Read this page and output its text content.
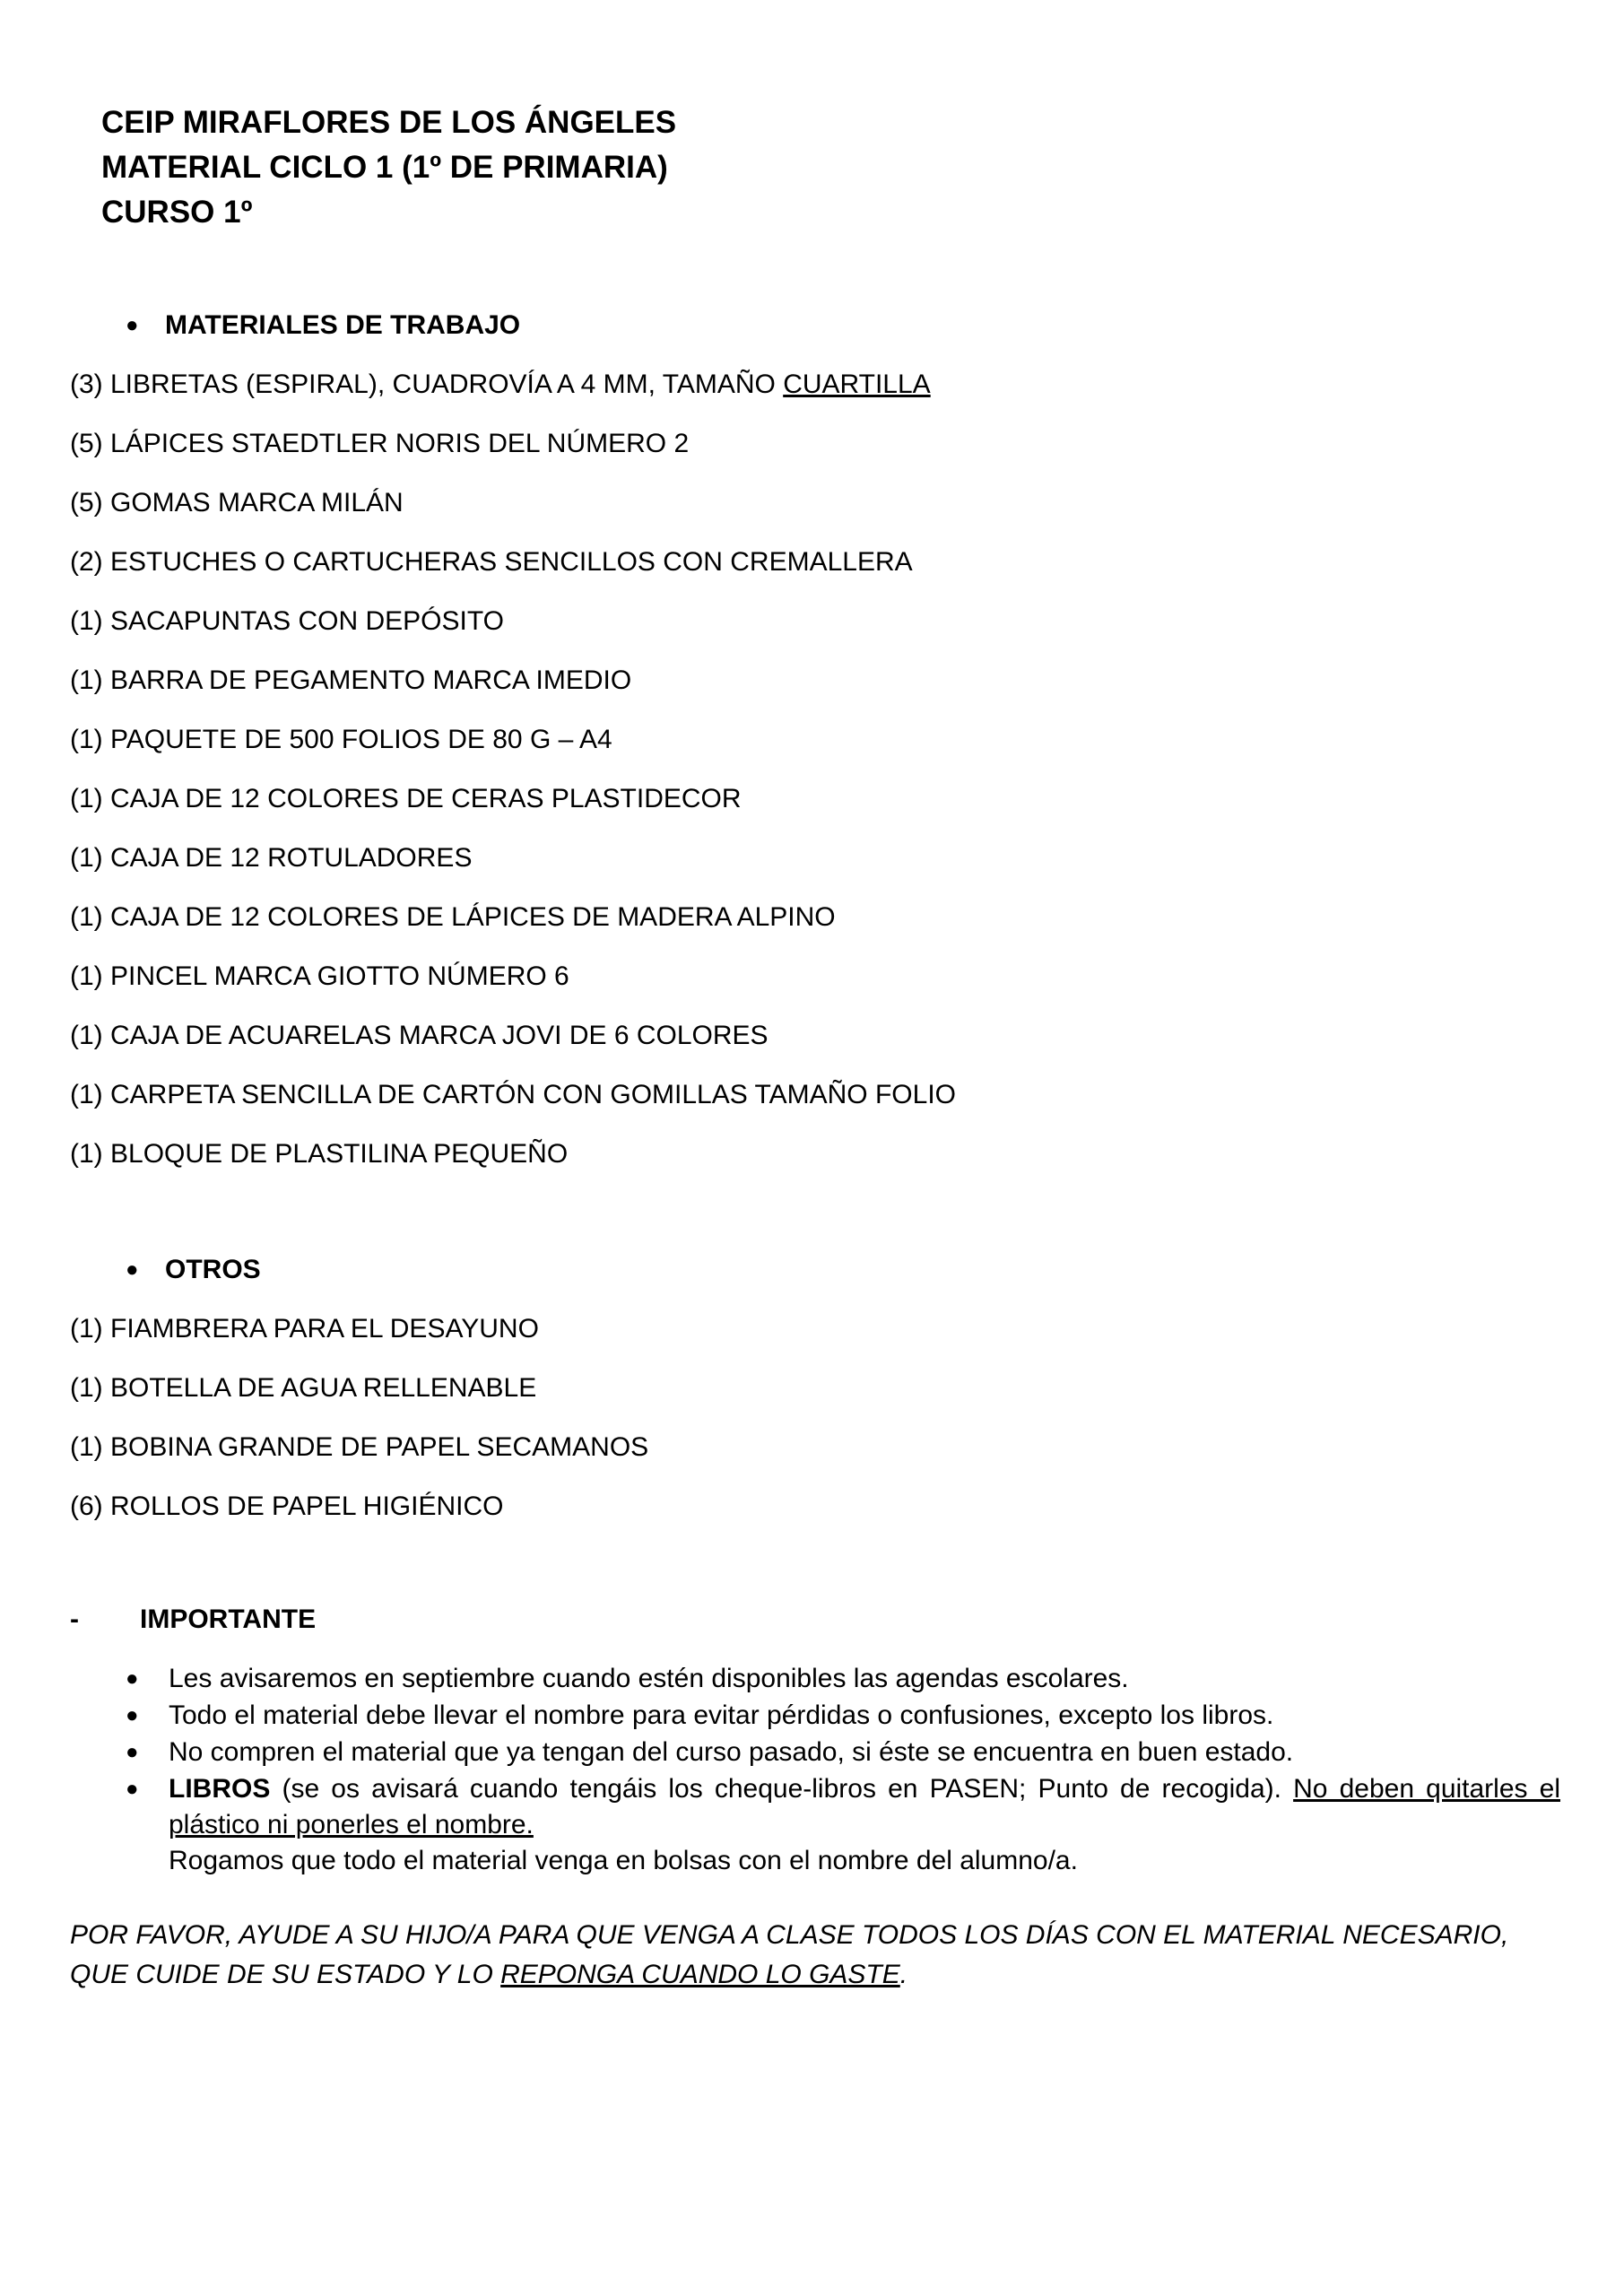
CEIP MIRAFLORES DE LOS ÁNGELES
MATERIAL CICLO 1 (1º DE PRIMARIA)
CURSO 1º
● MATERIALES DE TRABAJO
(3) LIBRETAS (ESPIRAL), CUADROVÍA A 4 MM, TAMAÑO CUARTILLA
(5) LÁPICES STAEDTLER NORIS DEL NÚMERO 2
(5) GOMAS MARCA MILÁN
(2) ESTUCHES O CARTUCHERAS SENCILLOS CON CREMALLERA
(1) SACAPUNTAS CON DEPÓSITO
(1) BARRA DE PEGAMENTO MARCA IMEDIO
(1) PAQUETE DE 500 FOLIOS DE 80 G – A4
(1) CAJA DE 12 COLORES DE CERAS PLASTIDECOR
(1) CAJA DE 12 ROTULADORES
(1) CAJA DE 12 COLORES DE LÁPICES DE MADERA ALPINO
(1) PINCEL MARCA GIOTTO NÚMERO 6
(1) CAJA DE ACUARELAS MARCA JOVI DE 6 COLORES
(1) CARPETA SENCILLA DE CARTÓN CON GOMILLAS TAMAÑO FOLIO
(1) BLOQUE DE PLASTILINA PEQUEÑO
● OTROS
(1) FIAMBRERA PARA EL DESAYUNO
(1) BOTELLA DE AGUA RELLENABLE
(1) BOBINA GRANDE DE PAPEL SECAMANOS
(6) ROLLOS DE PAPEL HIGIÉNICO
- IMPORTANTE
●	Les avisaremos en septiembre cuando estén disponibles las agendas escolares.
●	Todo el material debe llevar el nombre para evitar pérdidas o confusiones, excepto los libros.
●	No compren el material que ya tengan del curso pasado, si éste se encuentra en buen estado.
●	LIBROS (se os avisará cuando tengáis los cheque-libros en PASEN; Punto de recogida). No deben quitarles el plástico ni ponerles el nombre.
Rogamos que todo el material venga en bolsas con el nombre del alumno/a.
POR FAVOR, AYUDE A SU HIJO/A PARA QUE VENGA A CLASE TODOS LOS DÍAS CON EL MATERIAL NECESARIO, QUE CUIDE DE SU ESTADO Y LO REPONGA CUANDO LO GASTE.
